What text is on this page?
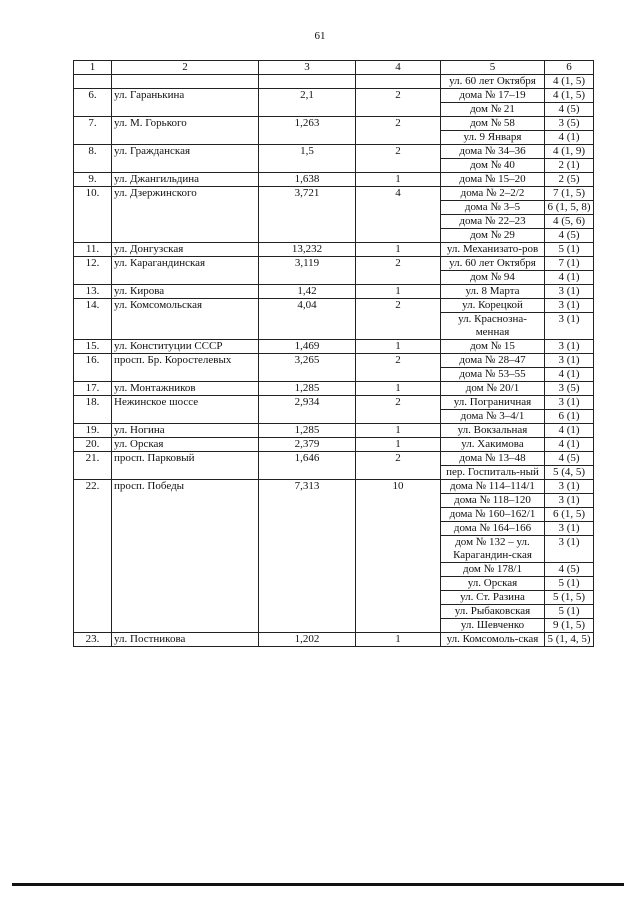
61
1	2	3	4	5	6
				ул. 60 лет Октября	4 (1, 5)
6.	ул. Гаранькина	2,1	2	дома № 17–19	4 (1, 5)
				дом № 21	4 (5)
7.	ул. М. Горького	1,263	2	дом № 58	3 (5)
				ул. 9 Января	4 (1)
8.	ул. Гражданская	1,5	2	дома № 34–36	4 (1, 9)
				дом № 40	2 (1)
9.	ул. Джангильдина	1,638	1	дома № 15–20	2 (5)
10.	ул. Дзержинского	3,721	4	дома № 2–2/2	7 (1, 5)
				дома № 3–5	6 (1, 5, 8)
				дома № 22–23	4 (5, 6)
				дом № 29	4 (5)
11.	ул. Донгузская	13,232	1	ул. Механизато-ров	5 (1)
12.	ул. Карагандинская	3,119	2	ул. 60 лет Октября	7 (1)
				дом № 94	4 (1)
13.	ул. Кирова	1,42	1	ул. 8 Марта	3 (1)
14.	ул. Комсомольская	4,04	2	ул. Корецкой	3 (1)
				ул. Краснозна-менная	3 (1)
15.	ул. Конституции СССР	1,469	1	дом № 15	3 (1)
16.	просп. Бр. Коростелевых	3,265	2	дома № 28–47	3 (1)
				дома № 53–55	4 (1)
17.	ул. Монтажников	1,285	1	дом № 20/1	3 (5)
18.	Нежинское шоссе	2,934	2	ул. Пограничная	3 (1)
				дома № 3–4/1	6 (1)
19.	ул. Ногина	1,285	1	ул. Вокзальная	4 (1)
20.	ул. Орская	2,379	1	ул. Хакимова	4 (1)
21.	просп. Парковый	1,646	2	дома № 13–48	4 (5)
				пер. Госпиталь-ный	5 (4, 5)
22.	просп. Победы	7,313	10	дома № 114–114/1	3 (1)
				дома № 118–120	3 (1)
				дома № 160–162/1	6 (1, 5)
				дома № 164–166	3 (1)
				дом № 132 – ул. Карагандин-ская	3 (1)
				дом № 178/1	4 (5)
				ул. Орская	5 (1)
				ул. Ст. Разина	5 (1, 5)
				ул. Рыбаковская	5 (1)
				ул. Шевченко	9 (1, 5)
23.	ул. Постникова	1,202	1	ул. Комсомоль-ская	5 (1, 4, 5)
